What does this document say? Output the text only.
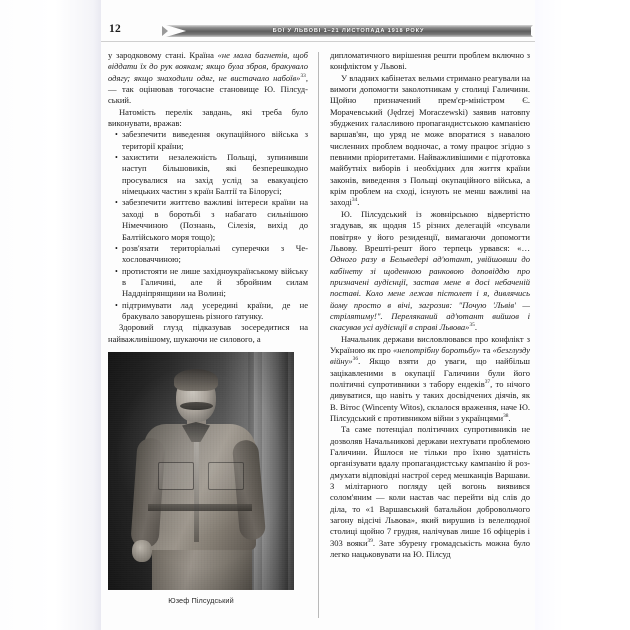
12	БОЇ У ЛЬВОВІ 1–21 ЛИСТОПАДА 1918 РОКУ

у зародковому стані. Країна «не мала багнетів, щоб віддати їх до рук воякам; якщо була зброя, бракувало одягу; якщо знаходили одяг, не вистачало набоїв»$^{33}$, — так оцінював тогочасне становище Ю. Пілсудський.

Натомість перелік завдань, які треба було виконувати, вражав:

• забезпечити виведення окупаційного війська з території країни;
• захистити незалежність Польщі, зупинивши наступ більшовиків, які безперешкодно просувалися на захід услід за евакуацією німецьких частин з країн Балтії та Білорусі;
• забезпечити життєво важливі інтереси країни на заході в боротьбі з набагато сильнішою Німеччиною (Познань, Сілезія, вихід до Балтійського моря тощо);
• розв'язати територіальні суперечки з Чехословаччиною;
• протистояти не лише західноукраїнському війську в Галичині, але й збройним силам Наддніпрянщини на Волині;
• підтримувати лад усередині країни, де не бракувало заворушень різного ґатунку.

Здоровий глузд підказував зосередитися на найважливішому, шукаючи не силового, а

Юзеф Пілсудський

дипломатичного вирішення решти проблем включно з конфліктом у Львові.

У владних кабінетах вельми стримано реагували на вимоги допомогти заколотникам у столиці Галичини. Щойно призначений прем'єр-міністром Є. Морачевський (Jędrzej Moraczewski) заявив натовпу збуджених галасливою пропагандистською кампанією варшав'ян, що уряд не може впоратися з навалою численних проблем водночас, а тому працює згідно з певними пріоритетами. Найважливішими є підготовка майбутніх виборів і необхідних для життя країни законів, виведення з Польщі окупаційного війська, а крім проблем на сході, існують не менш важливі на заході$^{34}$.

Ю. Пілсудський із жовнірською відвертістю згадував, як щодня 15 різних делегацій «псували повітря» у його резиденції, вимагаючи допомогти Львову. Врешті-решт його терпець урвався: «…Одного разу в Бельведері ад'ютант, увійшовши до кабінету зі щоденною ранковою доповіддю про призначені аудієнції, застав мене в досі небаченій поставі. Коло мене лежав пістолет і я, дивлячись йому просто в вічі, загрозив: "Почую 'Львів' — стрілятиму!". Переляканий ад'ютант вийшов і скасував усі аудієнції в справі Львова»$^{35}$.

Начальник держави висловлювався про конфлікт з Україною як про «непотрібну боротьбу» та «безглузду війну»$^{36}$. Якщо взяти до уваги, що найбільш зацікавленими в окупації Галичини були його політичні супротивники з табору ендеків$^{37}$, то нічого дивуватися, що навіть у таких досвідчених діячів, як В. Вітос (Wincenty Witos), склалося враження, наче Ю. Пілсудський є противником війни з українцями$^{38}$.

Та саме потенціал політичних супротивників не дозволяв Начальникові держави нехтувати проблемою Галичини. Йшлося не тільки про їхню здатність організувати вдалу пропагандистську кампанію й роздмухати відповідні настрої серед мешканців Варшави. З мілітарного погляду цей вогонь виявився солом'яним — коли настав час перейти від слів до діла, то «1 Варшавський батальйон добровольчого загону відсічі Львова», який вирушив із велелюдної столиці щойно 7 грудня, налічував лише 16 офіцерів і 303 вояки$^{39}$. Зате збурену громадськість можна було легко нацьковувати на Ю. Пілсуд
